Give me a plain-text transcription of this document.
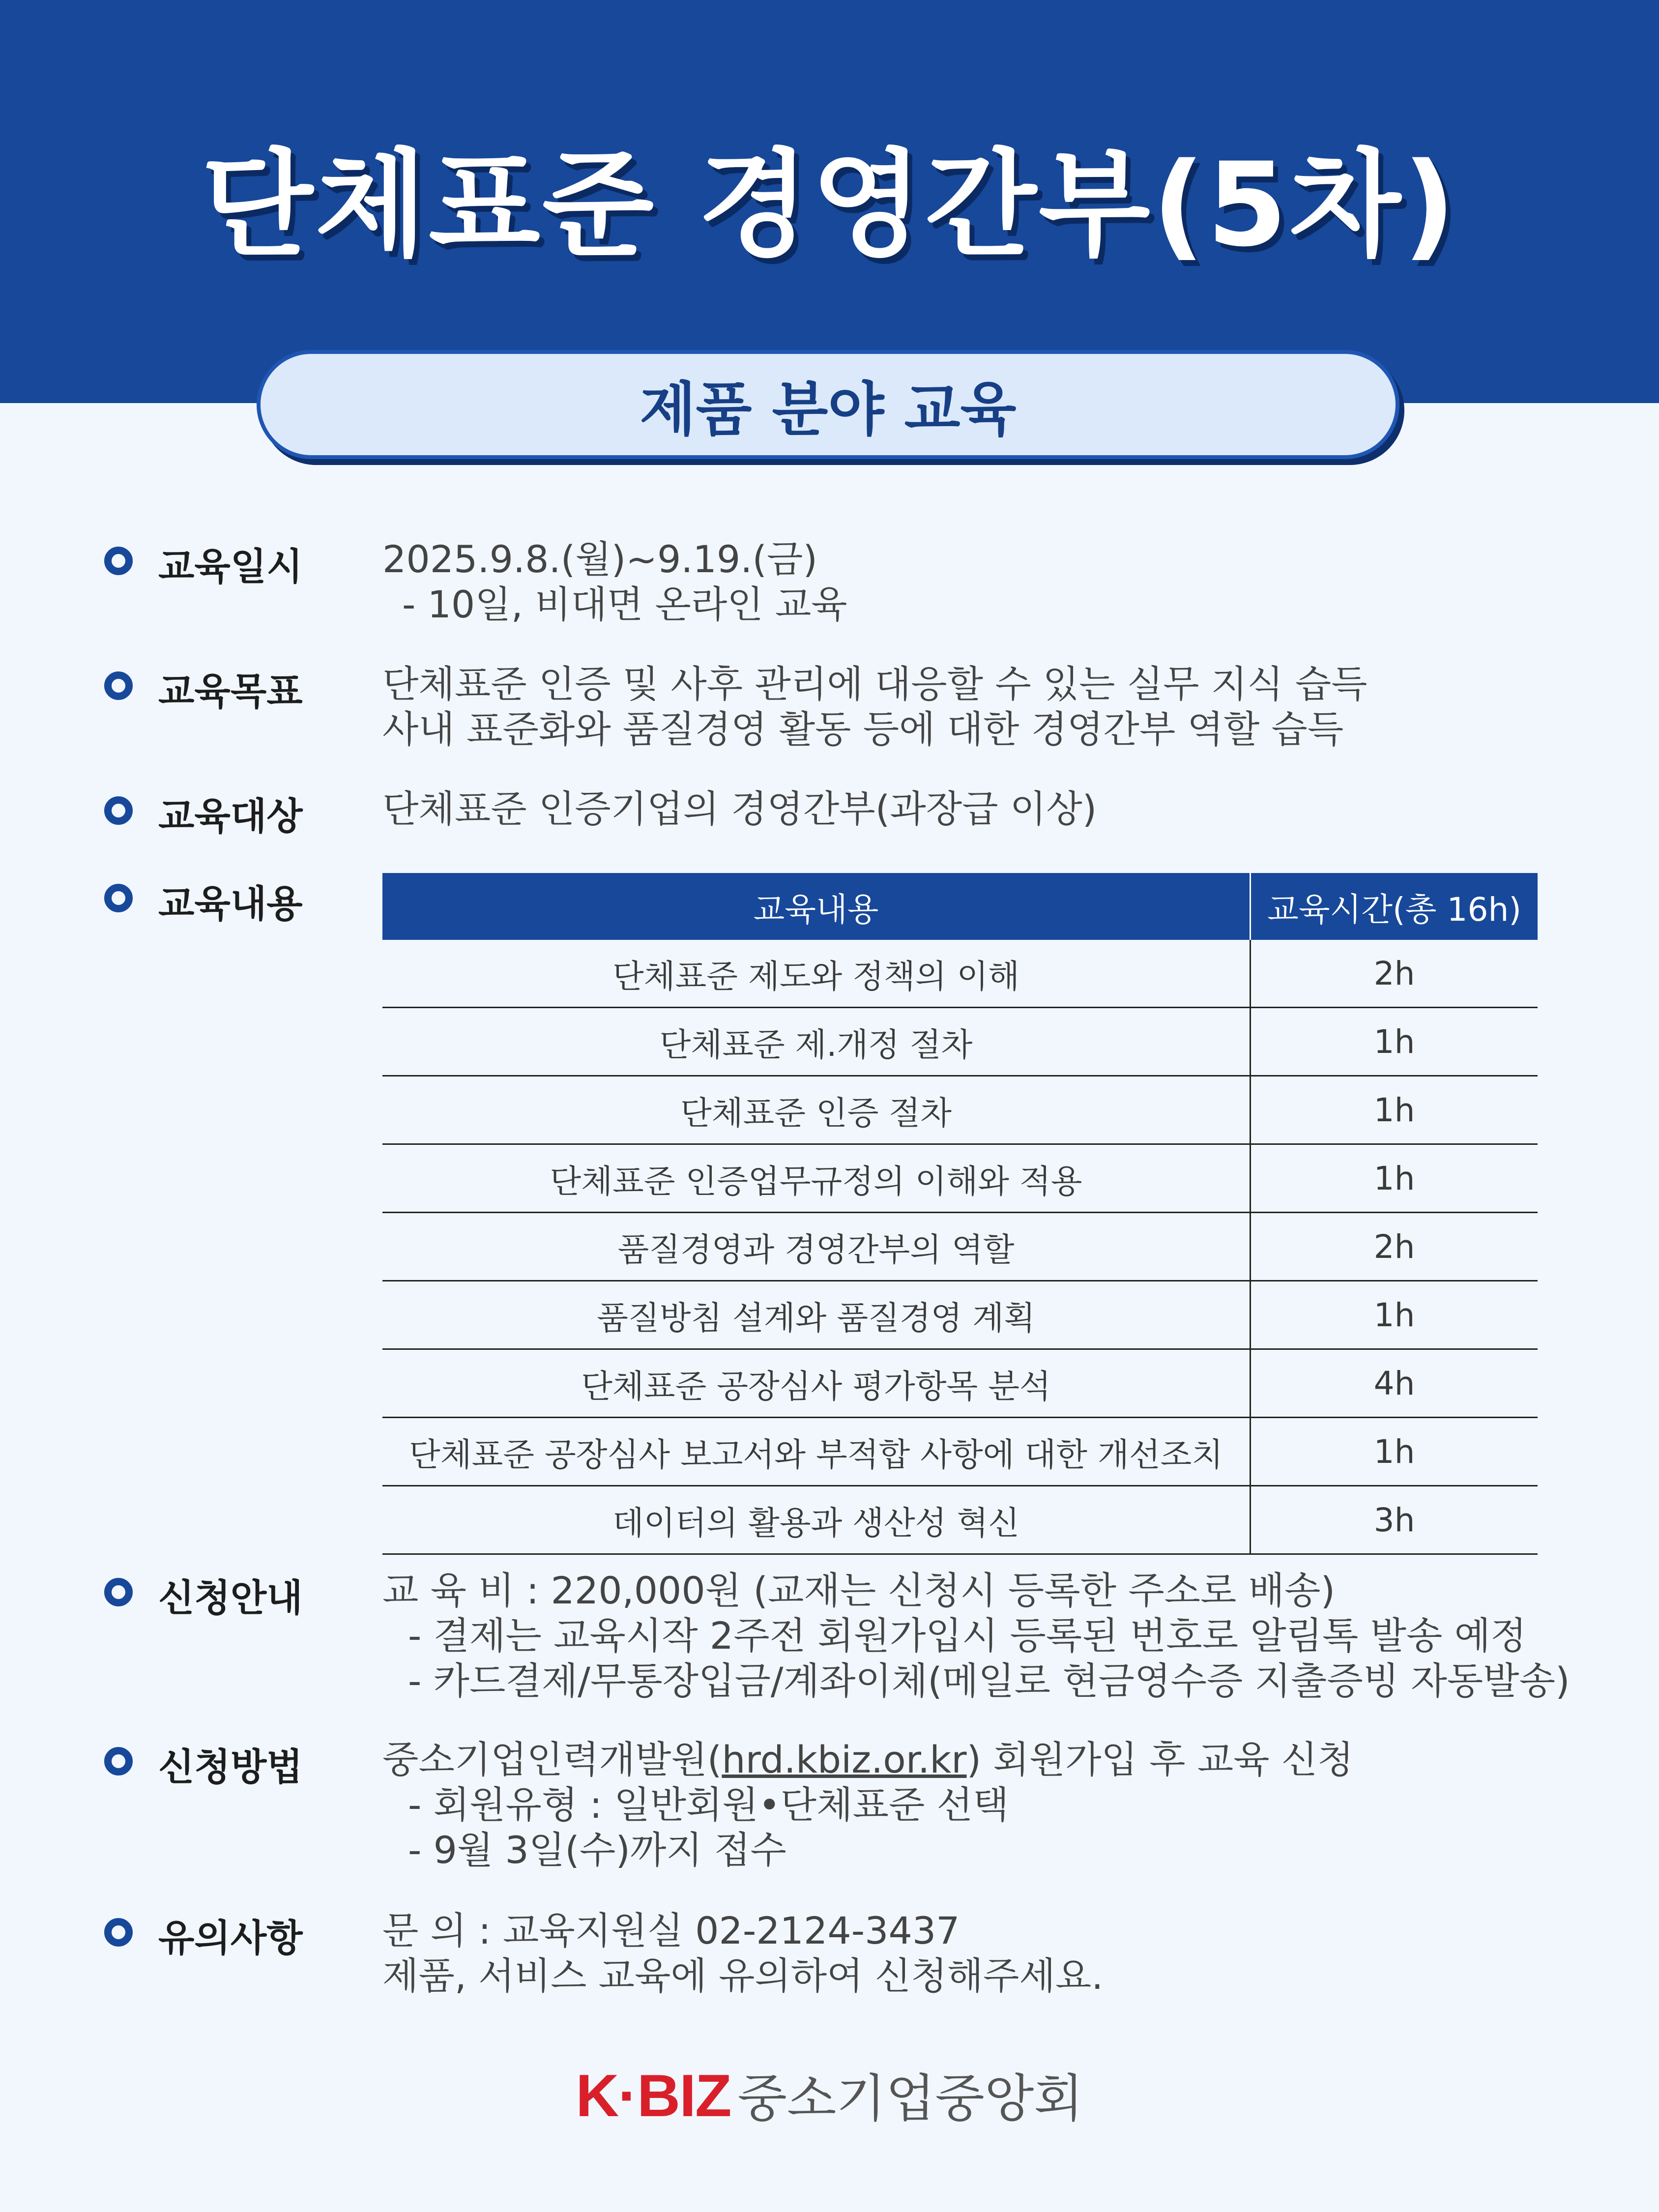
단체표준 경영간부(5차)
제품 분야 교육
교육일시 2025.9.8.(월)~9.19.(금)
- 10일, 비대면 온라인 교육
교육목표 단체표준 인증 및 사후 관리에 대응할 수 있는 실무 지식 습득
사내 표준화와 품질경영 활동 등에 대한 경영간부 역할 습득
교육대상 단체표준 인증기업의 경영간부(과장급 이상)
교육내용	교육내용	교육시간(총 16h)
단체표준 제도와 정책의 이해	2h
단체표준 제.개정 절차	1h
단체표준 인증 절차	1h
단체표준 인증업무규정의 이해와 적용	1h
품질경영과 경영간부의 역할	2h
품질방침 설계와 품질경영 계획	1h
단체표준 공장심사 평가항목 분석	4h
단체표준 공장심사 보고서와 부적합 사항에 대한 개선조치	1h
데이터의 활용과 생산성 혁신	3h
신청안내 교 육 비 : 220,000원 (교재는 신청시 등록한 주소로 배송)
- 결제는 교육시작 2주전 회원가입시 등록된 번호로 알림톡 발송 예정
- 카드결제/무통장입금/계좌이체(메일로 현금영수증 지출증빙 자동발송)
신청방법 중소기업인력개발원(hrd.kbiz.or.kr) 회원가입 후 교육 신청
- 회원유형 : 일반회원•단체표준 선택
- 9월 3일(수)까지 접수
유의사항 문 의 : 교육지원실 02-2124-3437
제품, 서비스 교육에 유의하여 신청해주세요.
K·BIZ 중소기업중앙회
